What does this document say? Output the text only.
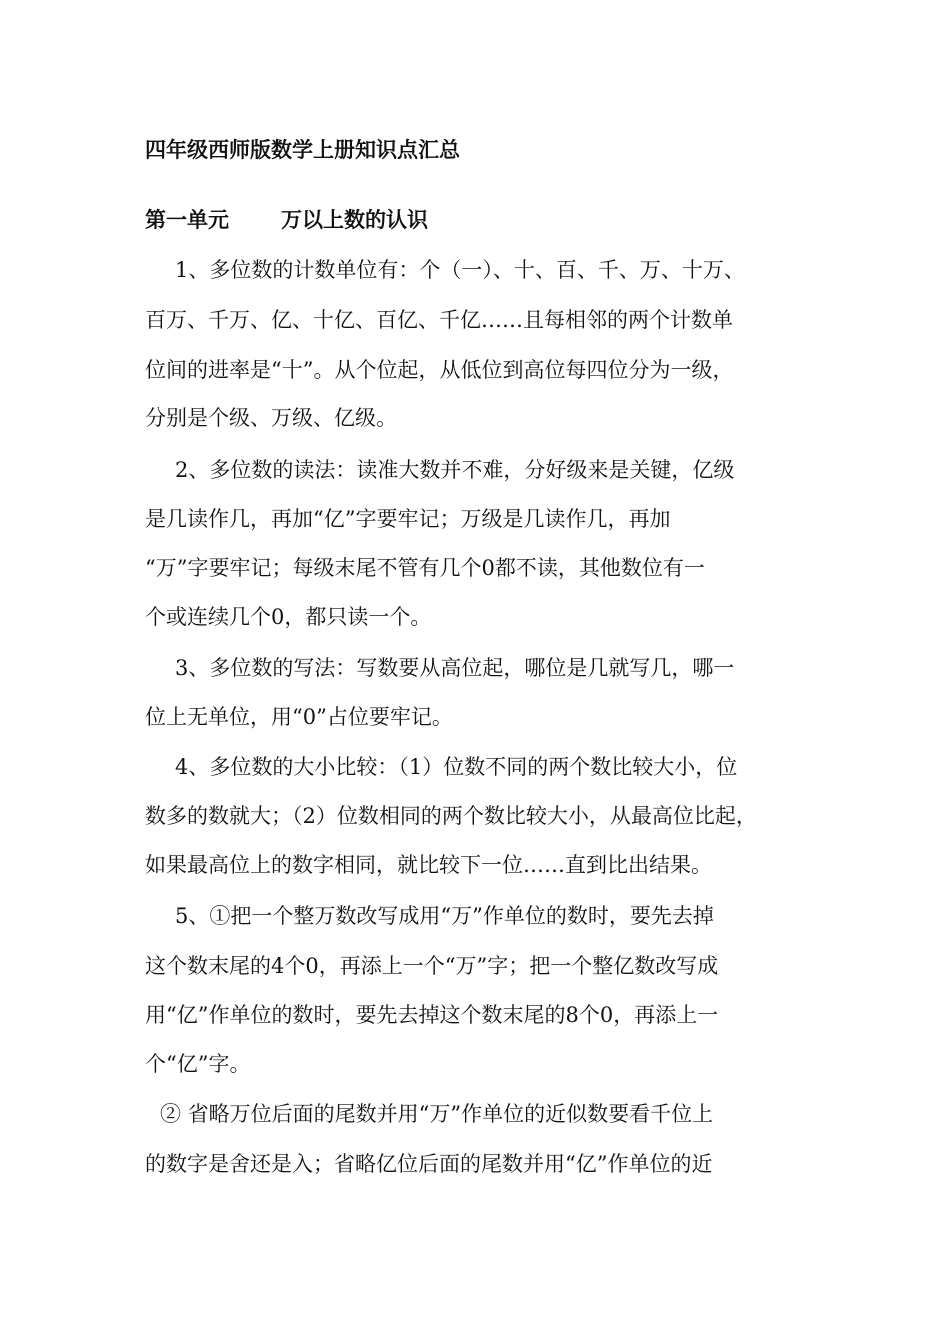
四年级西师版数学上册知识点汇总
第一单元 万以上数的认识
1、多位数的计数单位有：个（一）、十、百、千、万、十万、
百万、千万、亿、十亿、百亿、千亿……且每相邻的两个计数单
位间的进率是“十”。从个位起，从低位到高位每四位分为一级，
分别是个级、万级、亿级。
2、多位数的读法：读准大数并不难，分好级来是关键，亿级
是几读作几，再加“亿”字要牢记；万级是几读作几，再加
“万”字要牢记；每级末尾不管有几个0都不读，其他数位有一
个或连续几个0，都只读一个。
3、多位数的写法：写数要从高位起，哪位是几就写几，哪一
位上无单位，用“0”占位要牢记。
4、多位数的大小比较：（1）位数不同的两个数比较大小，位
数多的数就大；（2）位数相同的两个数比较大小，从最高位比起，
如果最高位上的数字相同，就比较下一位……直到比出结果。
5、①把一个整万数改写成用“万”作单位的数时，要先去掉
这个数末尾的4个0，再添上一个“万”字；把一个整亿数改写成
用“亿”作单位的数时，要先去掉这个数末尾的8个0，再添上一
个“亿”字。
② 省略万位后面的尾数并用“万”作单位的近似数要看千位上
的数字是舍还是入；省略亿位后面的尾数并用“亿”作单位的近
